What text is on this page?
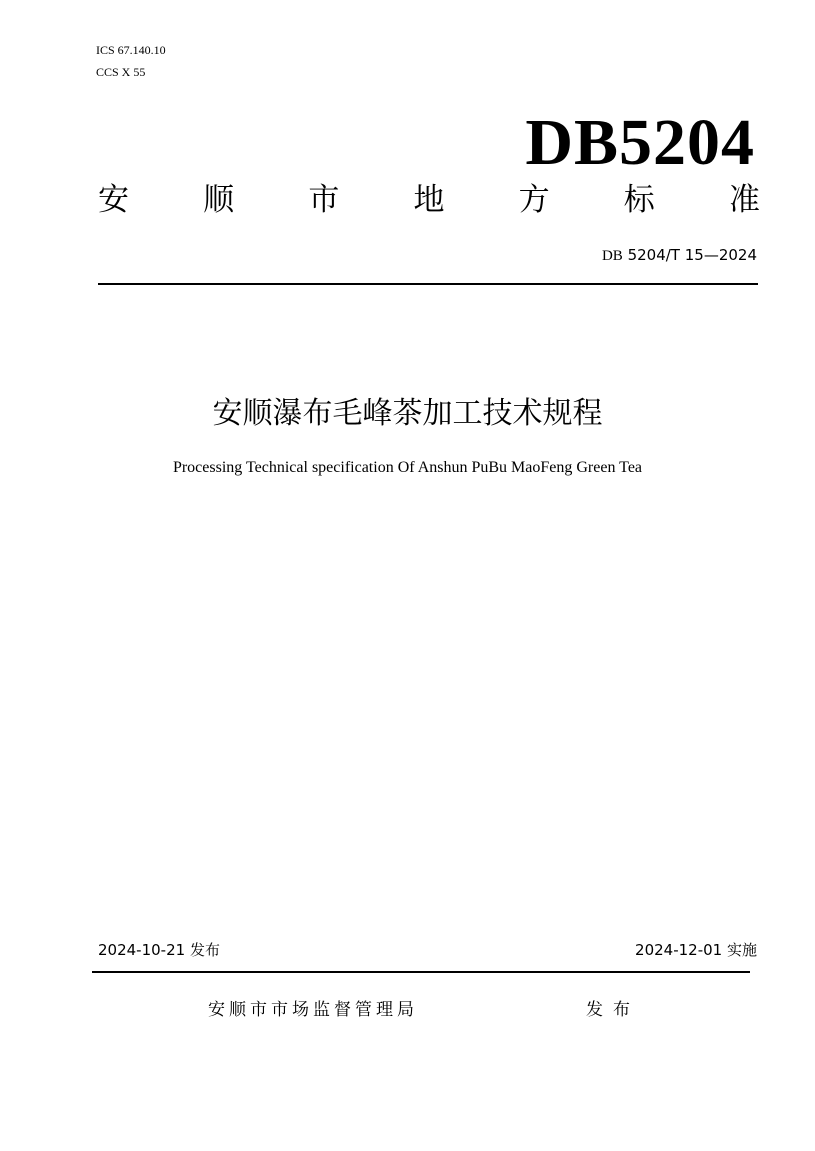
ICS 67.140.10
CCS X 55
DB5204
安 顺 市 地 方 标 准
DB 5204/T 15—2024
安顺瀑布毛峰茶加工技术规程
Processing Technical specification Of Anshun PuBu MaoFeng Green Tea
2024-10-21 发布	2024-12-01 实施
安顺市市场监督管理局	发布
